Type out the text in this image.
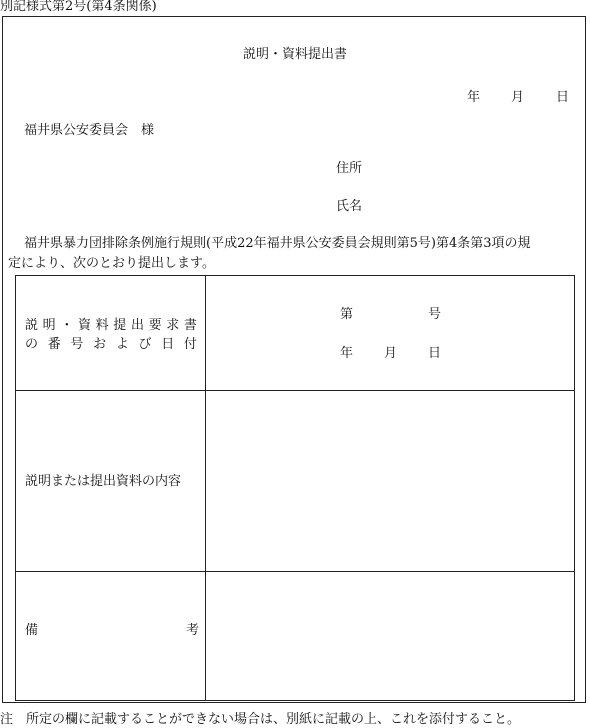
別記様式第2号(第4条関係)
説明・資料提出書
年 月 日
福井県公安委員会　様
住所
氏名
福井県暴力団排除条例施行規則(平成22年福井県公安委員会規則第5号)第4条第3項の規
定により、次のとおり提出します。
説 明 ・ 資 料 提 出 要 求 書
の 番 号 お よ び 日 付
第	号
年 月 日
説明または提出資料の内容
備	考
注　所定の欄に記載することができない場合は、別紙に記載の上、これを添付すること。
